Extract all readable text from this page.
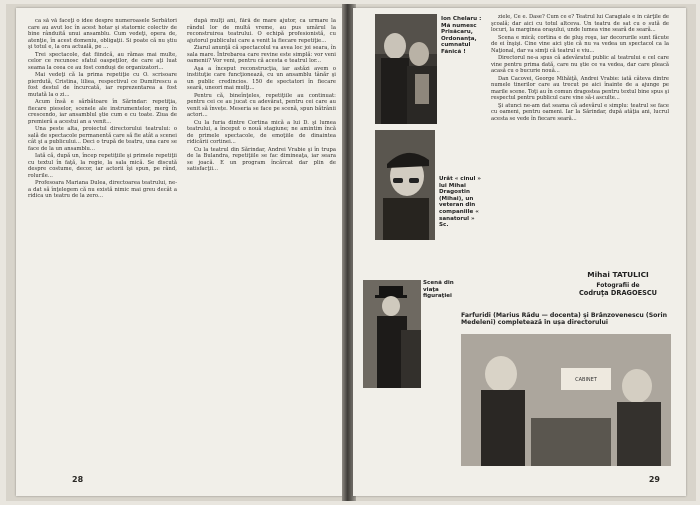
ca să vă faceţi o idee despre numeroasele Serbători care au avut loc în acest hotar şi statornic colectiv de bine rânduită unui ansamblu. Cum vedeţi, opera de, atenţie, în acest domeniu, obligaţii. Si poate că nu ştiu şi totul e, la ora actuală, pe ...

Trei spectacole, dat fiindcă, au rămas mai multe, celor ce recunosc sfatul oaspeţilor, de care aţi luat seama la ceea ce au fost conduşi de organizatori...

Mai vedeţi că la prima repetiţie cu O. scrisoare pierdută, Cristina, liliea, respectivul ce Dumitrescu a fost destul de încurcată, iar reprezentarea a fost mutată la o zi...

Acum însă e sărbătoare în Sărindar: repetiţia, fiecare pieselor, scenele ale instrumentelor, merg în crescendo, iar ansamblul ştie cum e cu toate. Ziua de premieră a acestui an a venit...

Una peste alta, proiectul directorului teatrului: o sală de spectacole permanentă care să fie atât a scenei cât şi a publicului... Deci o trupă de teatru, una care se face de la un ansamblu...

Iată că, după un, încep repetiţiile şi primele repetiţii cu textul în faţă, la regie, la sala mică. Se discută despre costume, decor, iar actorii îşi spun, pe rând, rolurile...

Profesoara Mariana Dulea, directoarea teatrului, ne-a dat să înţelegem că nu există nimic mai greu decât a ridica un teatru de la zero...

după mulţi ani, fără de mare ajutor, ca urmare la rândul lor de multă vreme, au pus umărul la reconstruirea teatrului. O echipă profesionistă, cu ajutorul publicului care a venit la fiecare repetiţie...

Ziarul anunţă că spectacolul va avea loc joi seara, în sala mare. Întrebarea care revine este simplă: vor veni oamenii? Vor veni, pentru că acesta e teatrul lor...

Aşa a început reconstrucţia, iar astăzi avem o instituţie care funcţionează, cu un ansamblu tânăr şi un public credincios. 150 de spectatori în fiecare seară, uneori mai mulţi...

Pentru că, bineînţeles, repetiţiile au continuat: pentru cei ce au jucat cu adevărat, pentru cei care au venit să învețe. Meseria se face pe scenă, spun bătrânii actori...

Cu la furia dintre Cortina mică a lui D. şi lumea teatrului, a început o nouă stagiune; ne amintim încă de primele spectacole, de emoţiile de dinaintea ridicării cortinei...

Cu la teatrul din Sărindar, Andrei Vrabie şi în trupa de la Bulandra, repetiţiile se fac dimineaţa, iar seara se joacă. E un program încărcat dar plin de satisfacţii...

28
Ion Chelaru : Mă numesc Prisăcaru, Ordonanţa, cumnatul Fănică !
Urât « cinul » lui Mihai Dragostin (Mihai), un veteran din companiile « sanatorul » Sc.

ziele, Ce e. Dase? Cum ce e? Teatrul lui Caragiale e în cărţile de şcoală; dar aici cu totul altceva. Un teatru de sat cu o sută de locuri, la marginea oraşului, unde lumea vine seară de seară...

Scena e mică; cortina e de pluş roşu, iar decorurile sunt făcute de ei înşişi. Cine vine aici ştie că nu va vedea un spectacol ca la Naţional, dar va simţi că teatrul e viu...

Directorul ne-a spus că adevăratul public al teatrului e cel care vine pentru prima dată, care nu ştie ce va vedea, dar care pleacă acasă cu o bucurie nouă...

Dan Cacovei, George Mihăiţă, Andrei Vrabie: iată câteva dintre numele tinerilor care au trecut pe aici înainte de a ajunge pe marile scene. Toţi au în comun dragostea pentru textul bine spus şi respectul pentru publicul care vine să-i asculte...

Şi atunci ne-am dat seama că adevărul e simplu: teatrul se face cu oameni, pentru oameni. Iar la Sărindar, după atâţia ani, lucrul acesta se vede în fiecare seară...

Mihai TATULICI
Fotografii de
Codruţa DRAGOESCU
Scenă din viaţa figuraţiei
Farfuridi (Marius Rădu — docenta) şi Brânzovenescu (Sorin Medeleni) completează în ușa directorului
CABINET
29
